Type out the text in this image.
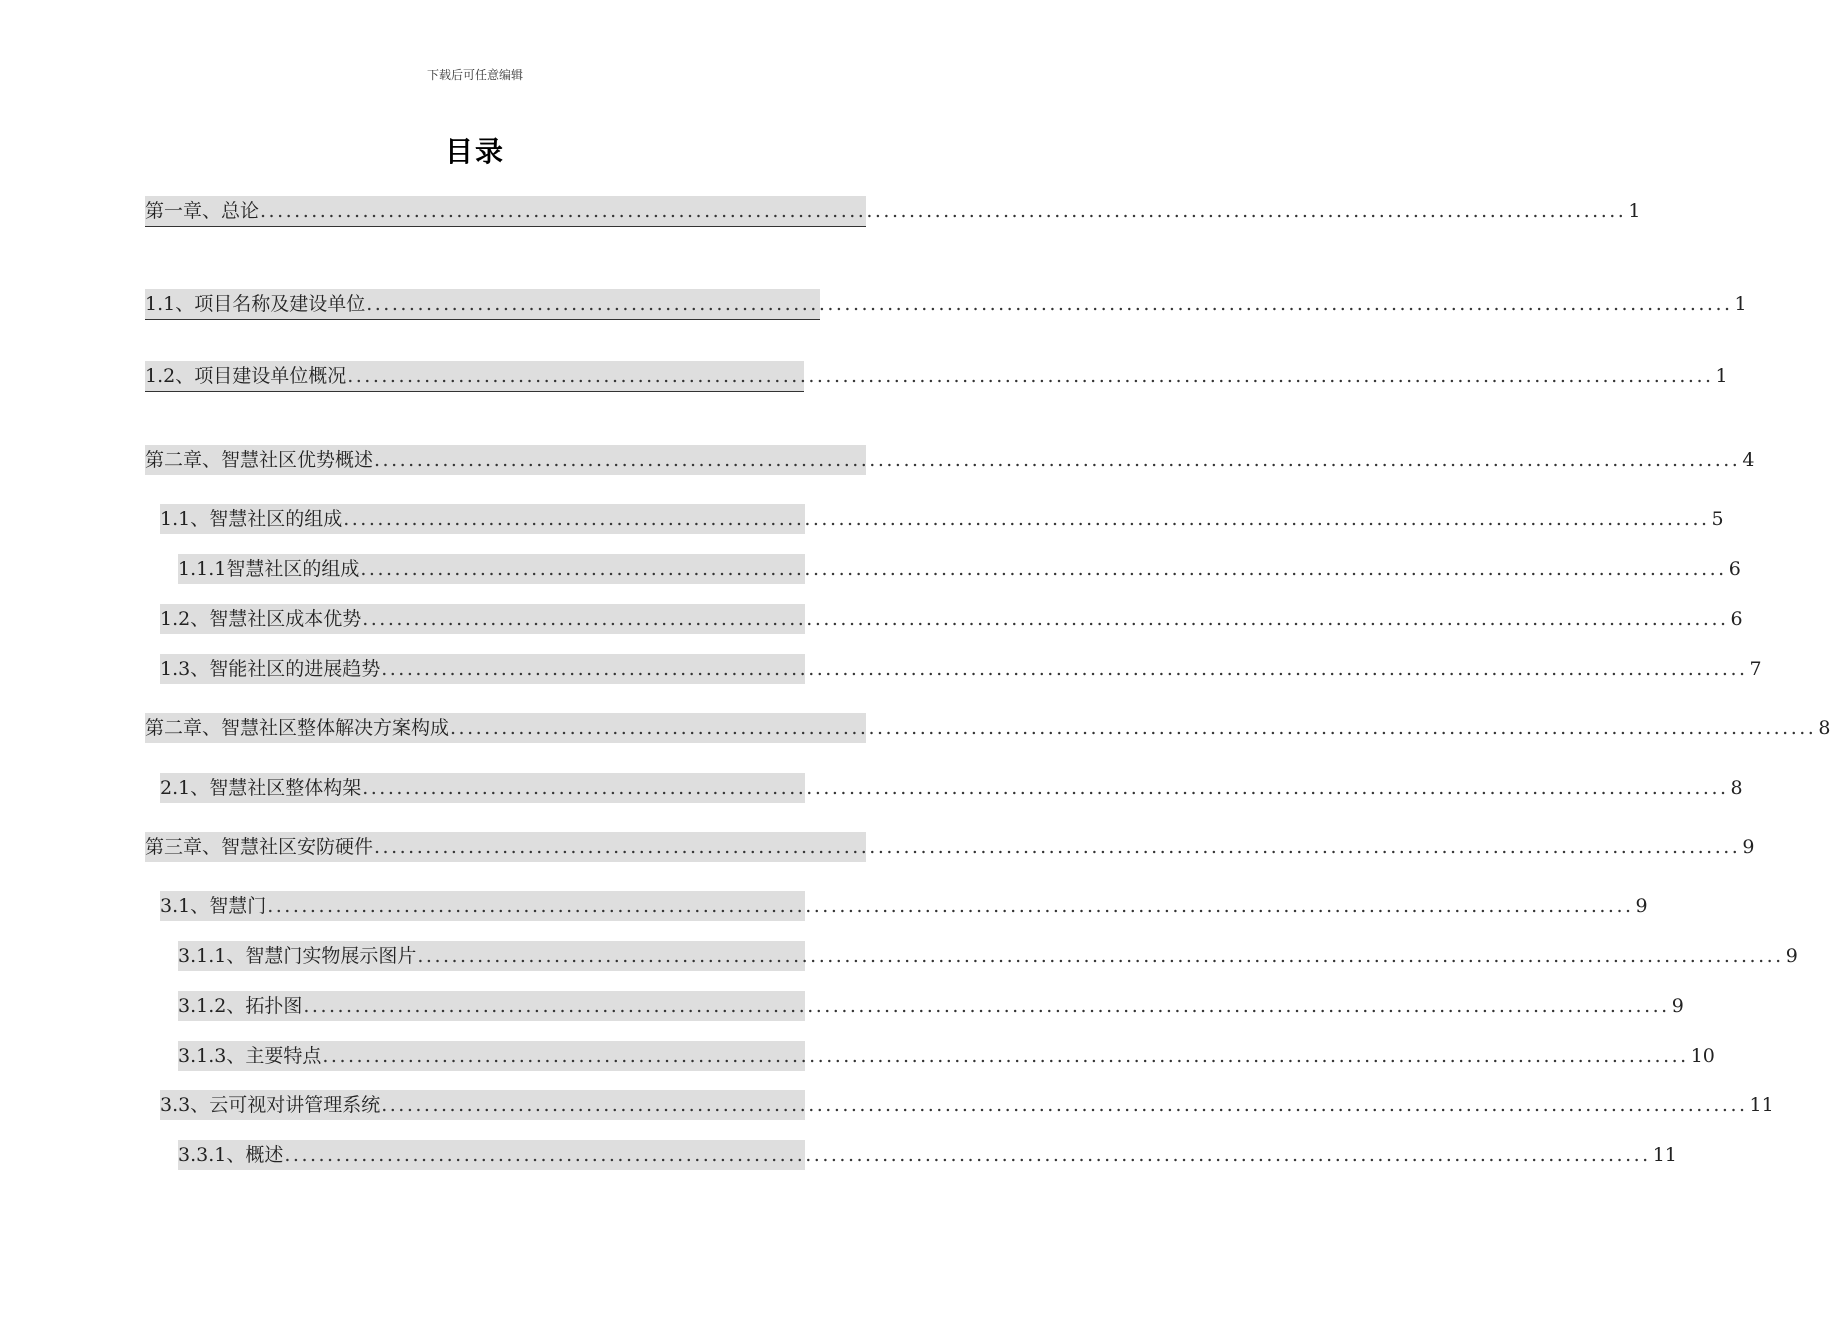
下载后可任意编辑
目录
第一章、总论 ................................................................................................................................................................ 1
1.1、项目名称及建设单位 ................................................................................................................................................................ 1
1.2、项目建设单位概况 ................................................................................................................................................................ 1
第二章、智慧社区优势概述 ................................................................................................................................................................ 4
1.1、智慧社区的组成 ................................................................................................................................................................ 5
1.1.1智慧社区的组成 ................................................................................................................................................................ 6
1.2、智慧社区成本优势 ................................................................................................................................................................ 6
1.3、智能社区的进展趋势 ................................................................................................................................................................ 7
第二章、智慧社区整体解决方案构成 ................................................................................................................................................................ 8
2.1、智慧社区整体构架 ................................................................................................................................................................ 8
第三章、智慧社区安防硬件 ................................................................................................................................................................ 9
3.1、智慧门 ................................................................................................................................................................ 9
3.1.1、智慧门实物展示图片 ................................................................................................................................................................ 9
3.1.2、拓扑图 ................................................................................................................................................................ 9
3.1.3、主要特点 ................................................................................................................................................................ 10
3.3、云可视对讲管理系统 ................................................................................................................................................................ 11
3.3.1、概述 ................................................................................................................................................................ 11
